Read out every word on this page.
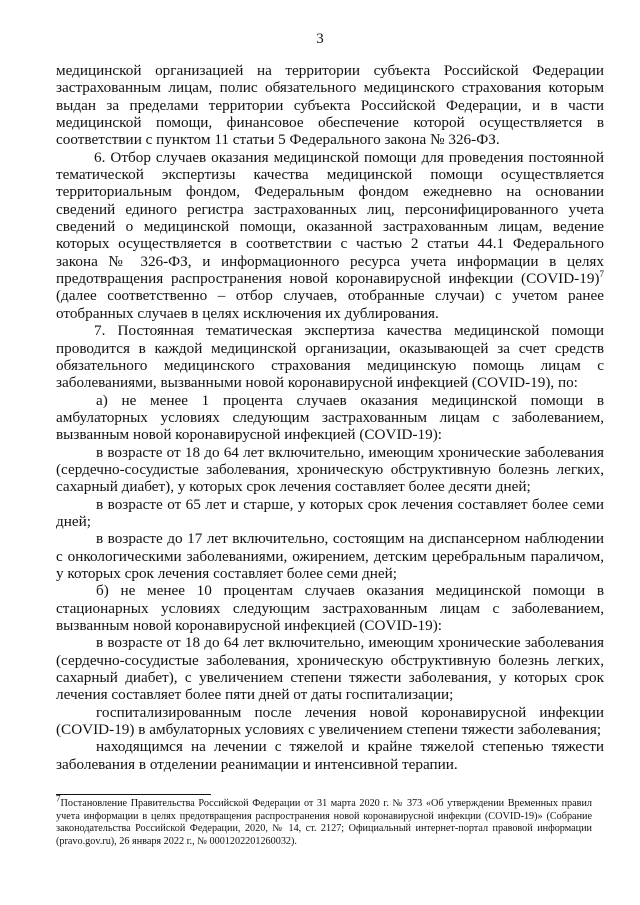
3

медицинской организацией на территории субъекта Российской Федерации застрахованным лицам, полис обязательного медицинского страхования которым выдан за пределами территории субъекта Российской Федерации, и в части медицинской помощи, финансовое обеспечение которой осуществляется в соответствии с пунктом 11 статьи 5 Федерального закона № 326-ФЗ.

6. Отбор случаев оказания медицинской помощи для проведения постоянной тематической экспертизы качества медицинской помощи осуществляется территориальным фондом, Федеральным фондом ежедневно на основании сведений единого регистра застрахованных лиц, персонифицированного учета сведений о медицинской помощи, оказанной застрахованным лицам, ведение которых осуществляется в соответствии с частью 2 статьи 44.1 Федерального закона № 326-ФЗ, и информационного ресурса учета информации в целях предотвращения распространения новой коронавирусной инфекции (COVID-19)$^7$ (далее соответственно – отбор случаев, отобранные случаи) с учетом ранее отобранных случаев в целях исключения их дублирования.

7. Постоянная тематическая экспертиза качества медицинской помощи проводится в каждой медицинской организации, оказывающей за счет средств обязательного медицинского страхования медицинскую помощь лицам с заболеваниями, вызванными новой коронавирусной инфекцией (COVID-19), по:

а) не менее 1 процента случаев оказания медицинской помощи в амбулаторных условиях следующим застрахованным лицам с заболеванием, вызванным новой коронавирусной инфекцией (COVID-19):

в возрасте от 18 до 64 лет включительно, имеющим хронические заболевания (сердечно-сосудистые заболевания, хроническую обструктивную болезнь легких, сахарный диабет), у которых срок лечения составляет более десяти дней;

в возрасте от 65 лет и старше, у которых срок лечения составляет более семи дней;

в возрасте до 17 лет включительно, состоящим на диспансерном наблюдении с онкологическими заболеваниями, ожирением, детским церебральным параличом, у которых срок лечения составляет более семи дней;

б) не менее 10 процентам случаев оказания медицинской помощи в стационарных условиях следующим застрахованным лицам с заболеванием, вызванным новой коронавирусной инфекцией (COVID-19):

в возрасте от 18 до 64 лет включительно, имеющим хронические заболевания (сердечно-сосудистые заболевания, хроническую обструктивную болезнь легких, сахарный диабет), с увеличением степени тяжести заболевания, у которых срок лечения составляет более пяти дней от даты госпитализации;

госпитализированным после лечения новой коронавирусной инфекции (COVID-19) в амбулаторных условиях с увеличением степени тяжести заболевания;

находящимся на лечении с тяжелой и крайне тяжелой степенью тяжести заболевания в отделении реанимации и интенсивной терапии.

$^7$Постановление Правительства Российской Федерации от 31 марта 2020 г. № 373 «Об утверждении Временных правил учета информации в целях предотвращения распространения новой коронавирусной инфекции (COVID-19)» (Собрание законодательства Российской Федерации, 2020, № 14, ст. 2127; Официальный интернет-портал правовой информации (pravo.gov.ru), 26 января 2022 г., № 0001202201260032).
